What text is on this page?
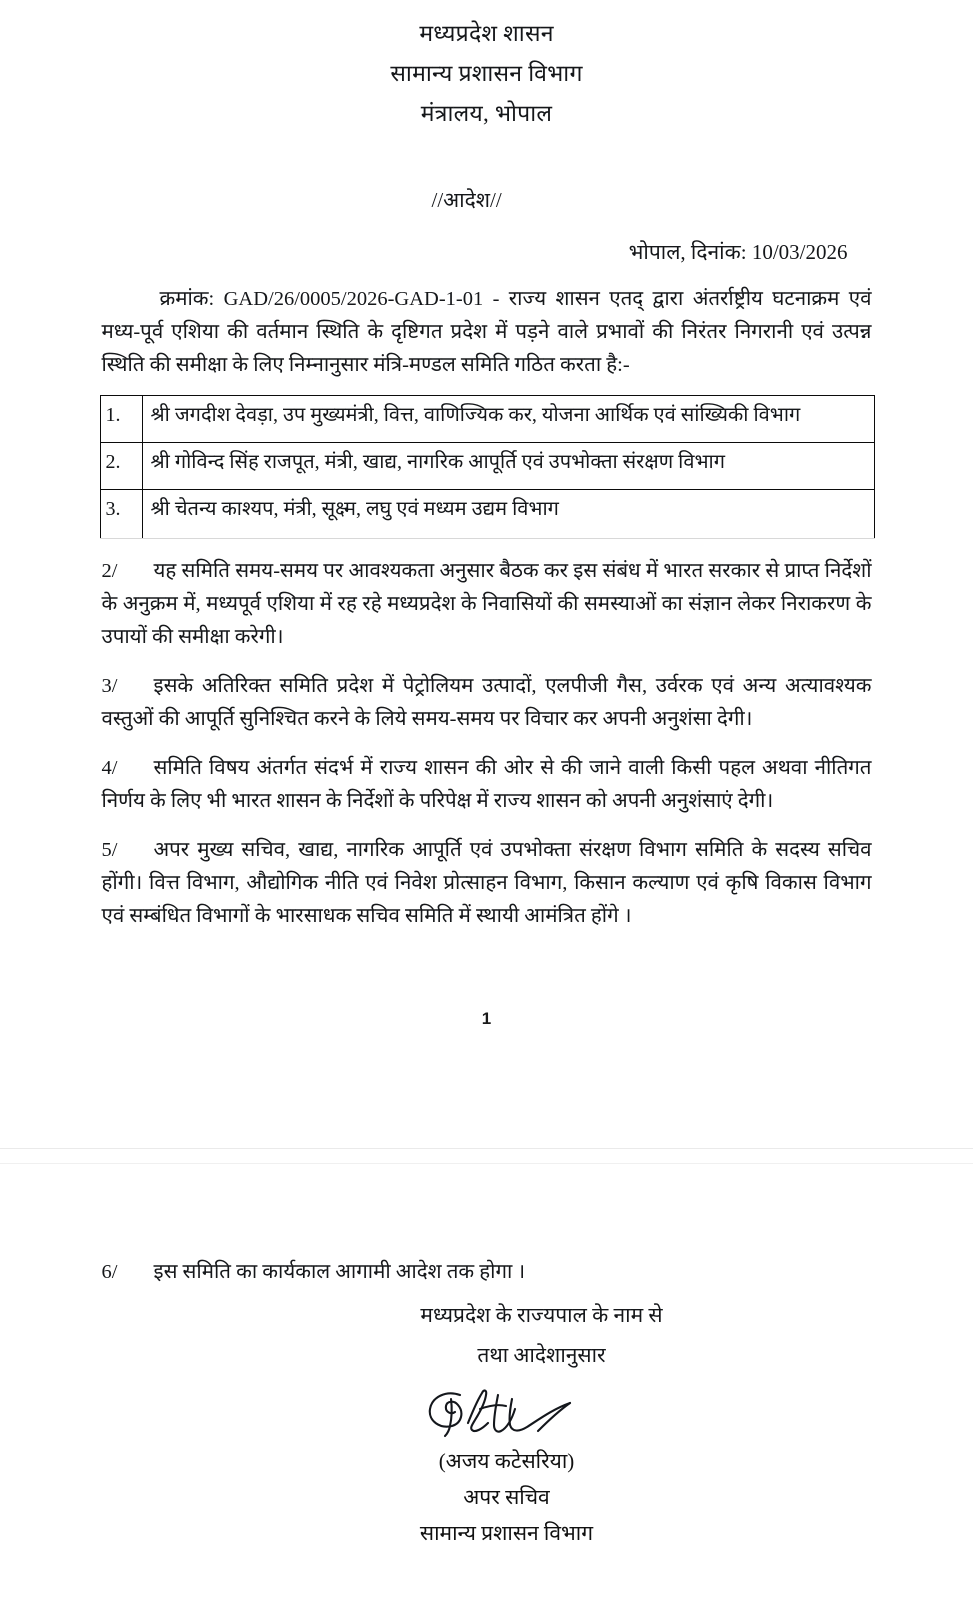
मध्यप्रदेश शासन
सामान्य प्रशासन विभाग
मंत्रालय, भोपाल
//आदेश//
भोपाल, दिनांक: 10/03/2026

क्रमांक: GAD/26/0005/2026-GAD-1-01 - राज्य शासन एतद् द्वारा अंतर्राष्ट्रीय घटनाक्रम एवं मध्य-पूर्व एशिया की वर्तमान स्थिति के दृष्टिगत प्रदेश में पड़ने वाले प्रभावों की निरंतर निगरानी एवं उत्पन्न स्थिति की समीक्षा के लिए निम्नानुसार मंत्रि-मण्डल समिति गठित करता है:-

1.	श्री जगदीश देवड़ा, उप मुख्यमंत्री, वित्त, वाणिज्यिक कर, योजना आर्थिक एवं सांख्यिकी विभाग
2.	श्री गोविन्द सिंह राजपूत, मंत्री, खाद्य, नागरिक आपूर्ति एवं उपभोक्ता संरक्षण विभाग
3.	श्री चेतन्य काश्यप, मंत्री, सूक्ष्म, लघु एवं मध्यम उद्यम विभाग

2/ यह समिति समय-समय पर आवश्यकता अनुसार बैठक कर इस संबंध में भारत सरकार से प्राप्त निर्देशों के अनुक्रम में, मध्यपूर्व एशिया में रह रहे मध्यप्रदेश के निवासियों की समस्याओं का संज्ञान लेकर निराकरण के उपायों की समीक्षा करेगी।

3/ इसके अतिरिक्त समिति प्रदेश में पेट्रोलियम उत्पादों, एलपीजी गैस, उर्वरक एवं अन्य अत्यावश्यक वस्तुओं की आपूर्ति सुनिश्चित करने के लिये समय-समय पर विचार कर अपनी अनुशंसा देगी।

4/ समिति विषय अंतर्गत संदर्भ में राज्य शासन की ओर से की जाने वाली किसी पहल अथवा नीतिगत निर्णय के लिए भी भारत शासन के निर्देशों के परिपेक्ष में राज्य शासन को अपनी अनुशंसाएं देगी।

5/ अपर मुख्य सचिव, खाद्य, नागरिक आपूर्ति एवं उपभोक्ता संरक्षण विभाग समिति के सदस्य सचिव होंगी। वित्त विभाग, औद्योगिक नीति एवं निवेश प्रोत्साहन विभाग, किसान कल्याण एवं कृषि विकास विभाग एवं सम्बंधित विभागों के भारसाधक सचिव समिति में स्थायी आमंत्रित होंगे ।

1

6/ इस समिति का कार्यकाल आगामी आदेश तक होगा ।

मध्यप्रदेश के राज्यपाल के नाम से
तथा आदेशानुसार
(अजय कटेसरिया)
अपर सचिव
सामान्य प्रशासन विभाग
